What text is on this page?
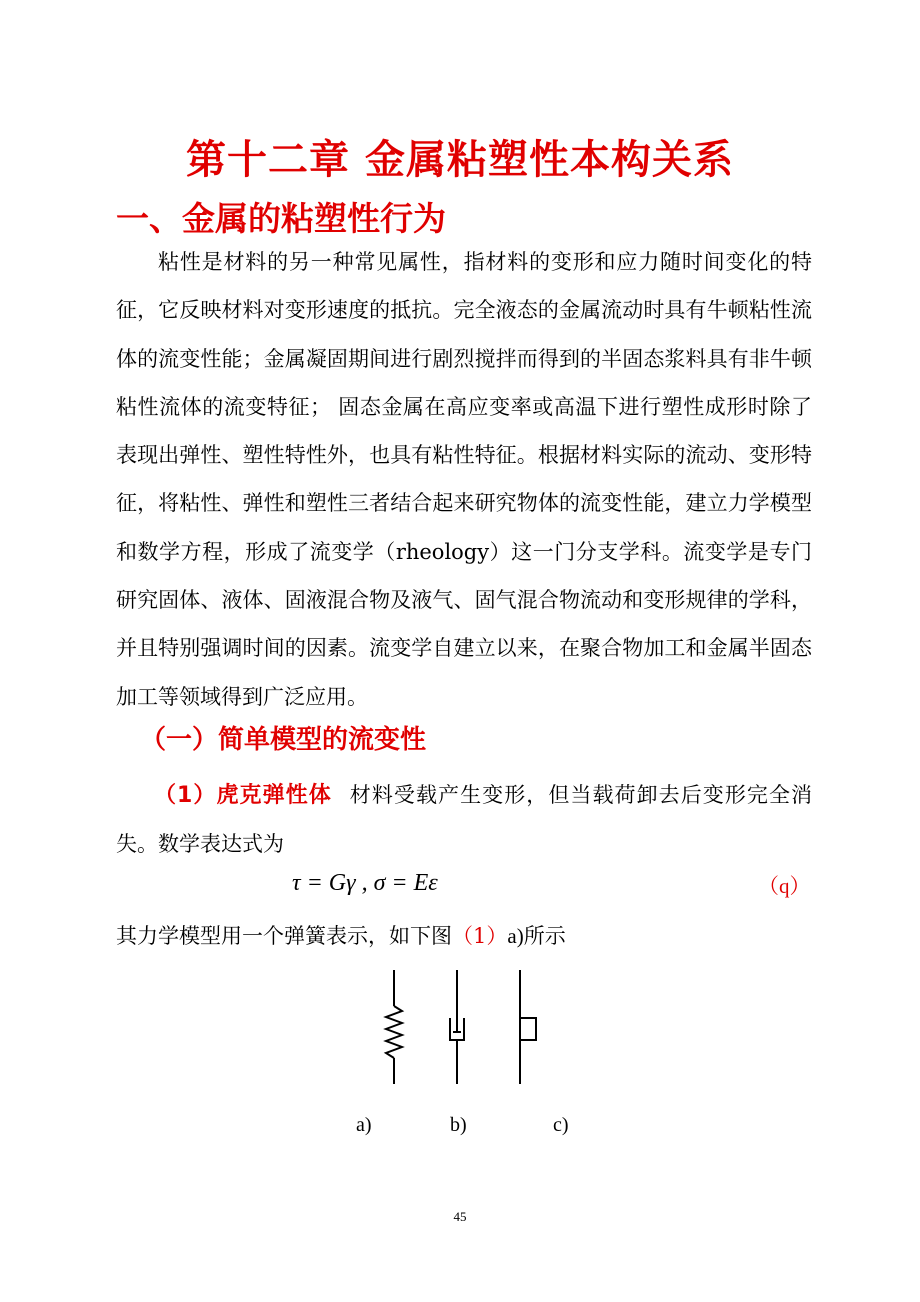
第十二章 金属粘塑性本构关系
一、金属的粘塑性行为

粘性是材料的另一种常见属性，指材料的变形和应力随时间变化的特征，它反映材料对变形速度的抵抗。完全液态的金属流动时具有牛顿粘性流体的流变性能；金属凝固期间进行剧烈搅拌而得到的半固态浆料具有非牛顿粘性流体的流变特征； 固态金属在高应变率或高温下进行塑性成形时除了表现出弹性、塑性特性外，也具有粘性特征。根据材料实际的流动、变形特征，将粘性、弹性和塑性三者结合起来研究物体的流变性能，建立力学模型和数学方程，形成了流变学（rheology）这一门分支学科。流变学是专门研究固体、液体、固液混合物及液气、固气混合物流动和变形规律的学科，并且特别强调时间的因素。流变学自建立以来，在聚合物加工和金属半固态加工等领域得到广泛应用。

（一）简单模型的流变性

（1）虎克弹性体 材料受载产生变形，但当载荷卸去后变形完全消失。数学表达式为

τ = Gγ , σ = Eε	（q）
其力学模型用一个弹簧表示，如下图（1）a)所示
a)	b)	c)
45
